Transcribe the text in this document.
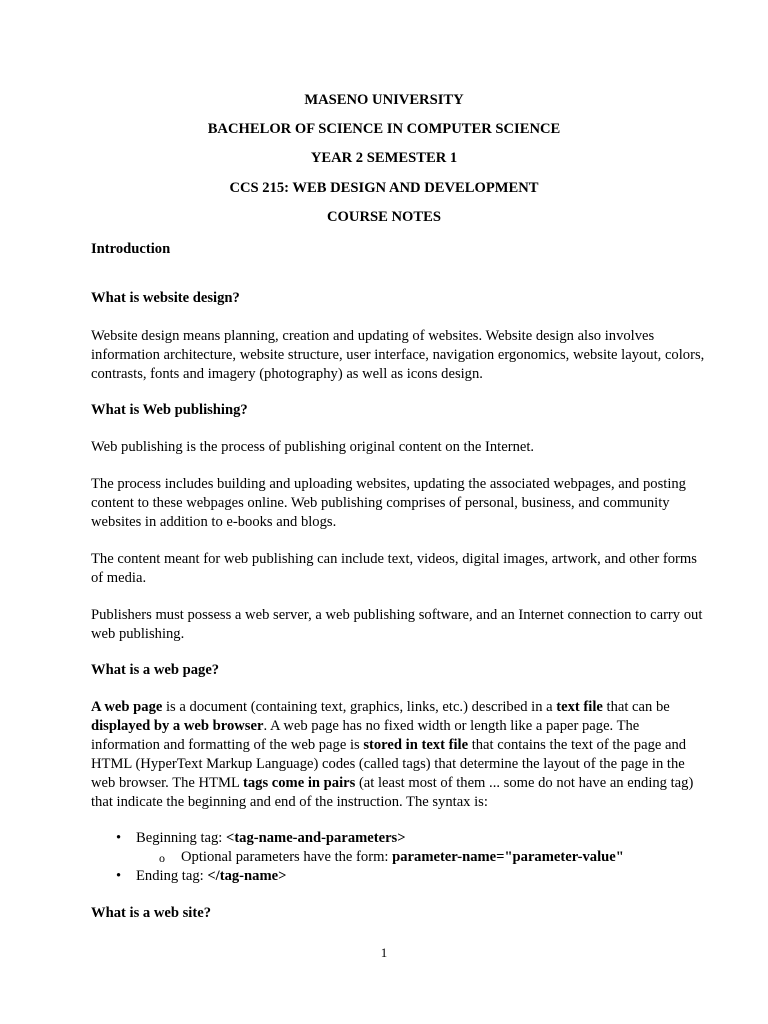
MASENO UNIVERSITY
BACHELOR OF SCIENCE IN COMPUTER SCIENCE
YEAR 2 SEMESTER 1
CCS 215: WEB DESIGN AND DEVELOPMENT
COURSE NOTES
Introduction
What is website design?
Website design means planning, creation and updating of websites. Website design also involves
information architecture, website structure, user interface, navigation ergonomics, website layout, colors,
contrasts, fonts and imagery (photography) as well as icons design.
What is Web publishing?
Web publishing is the process of publishing original content on the Internet.
The process includes building and uploading websites, updating the associated webpages, and posting
content to these webpages online. Web publishing comprises of personal, business, and community
websites in addition to e-books and blogs.
The content meant for web publishing can include text, videos, digital images, artwork, and other forms
of media.
Publishers must possess a web server, a web publishing software, and an Internet connection to carry out
web publishing.
What is a web page?
A web page is a document (containing text, graphics, links, etc.) described in a text file that can be
displayed by a web browser. A web page has no fixed width or length like a paper page. The
information and formatting of the web page is stored in text file that contains the text of the page and
HTML (HyperText Markup Language) codes (called tags) that determine the layout of the page in the
web browser. The HTML tags come in pairs (at least most of them ... some do not have an ending tag)
that indicate the beginning and end of the instruction. The syntax is:
• Beginning tag: <tag-name-and-parameters>
o Optional parameters have the form: parameter-name="parameter-value"
• Ending tag: </tag-name>
What is a web site?
1
